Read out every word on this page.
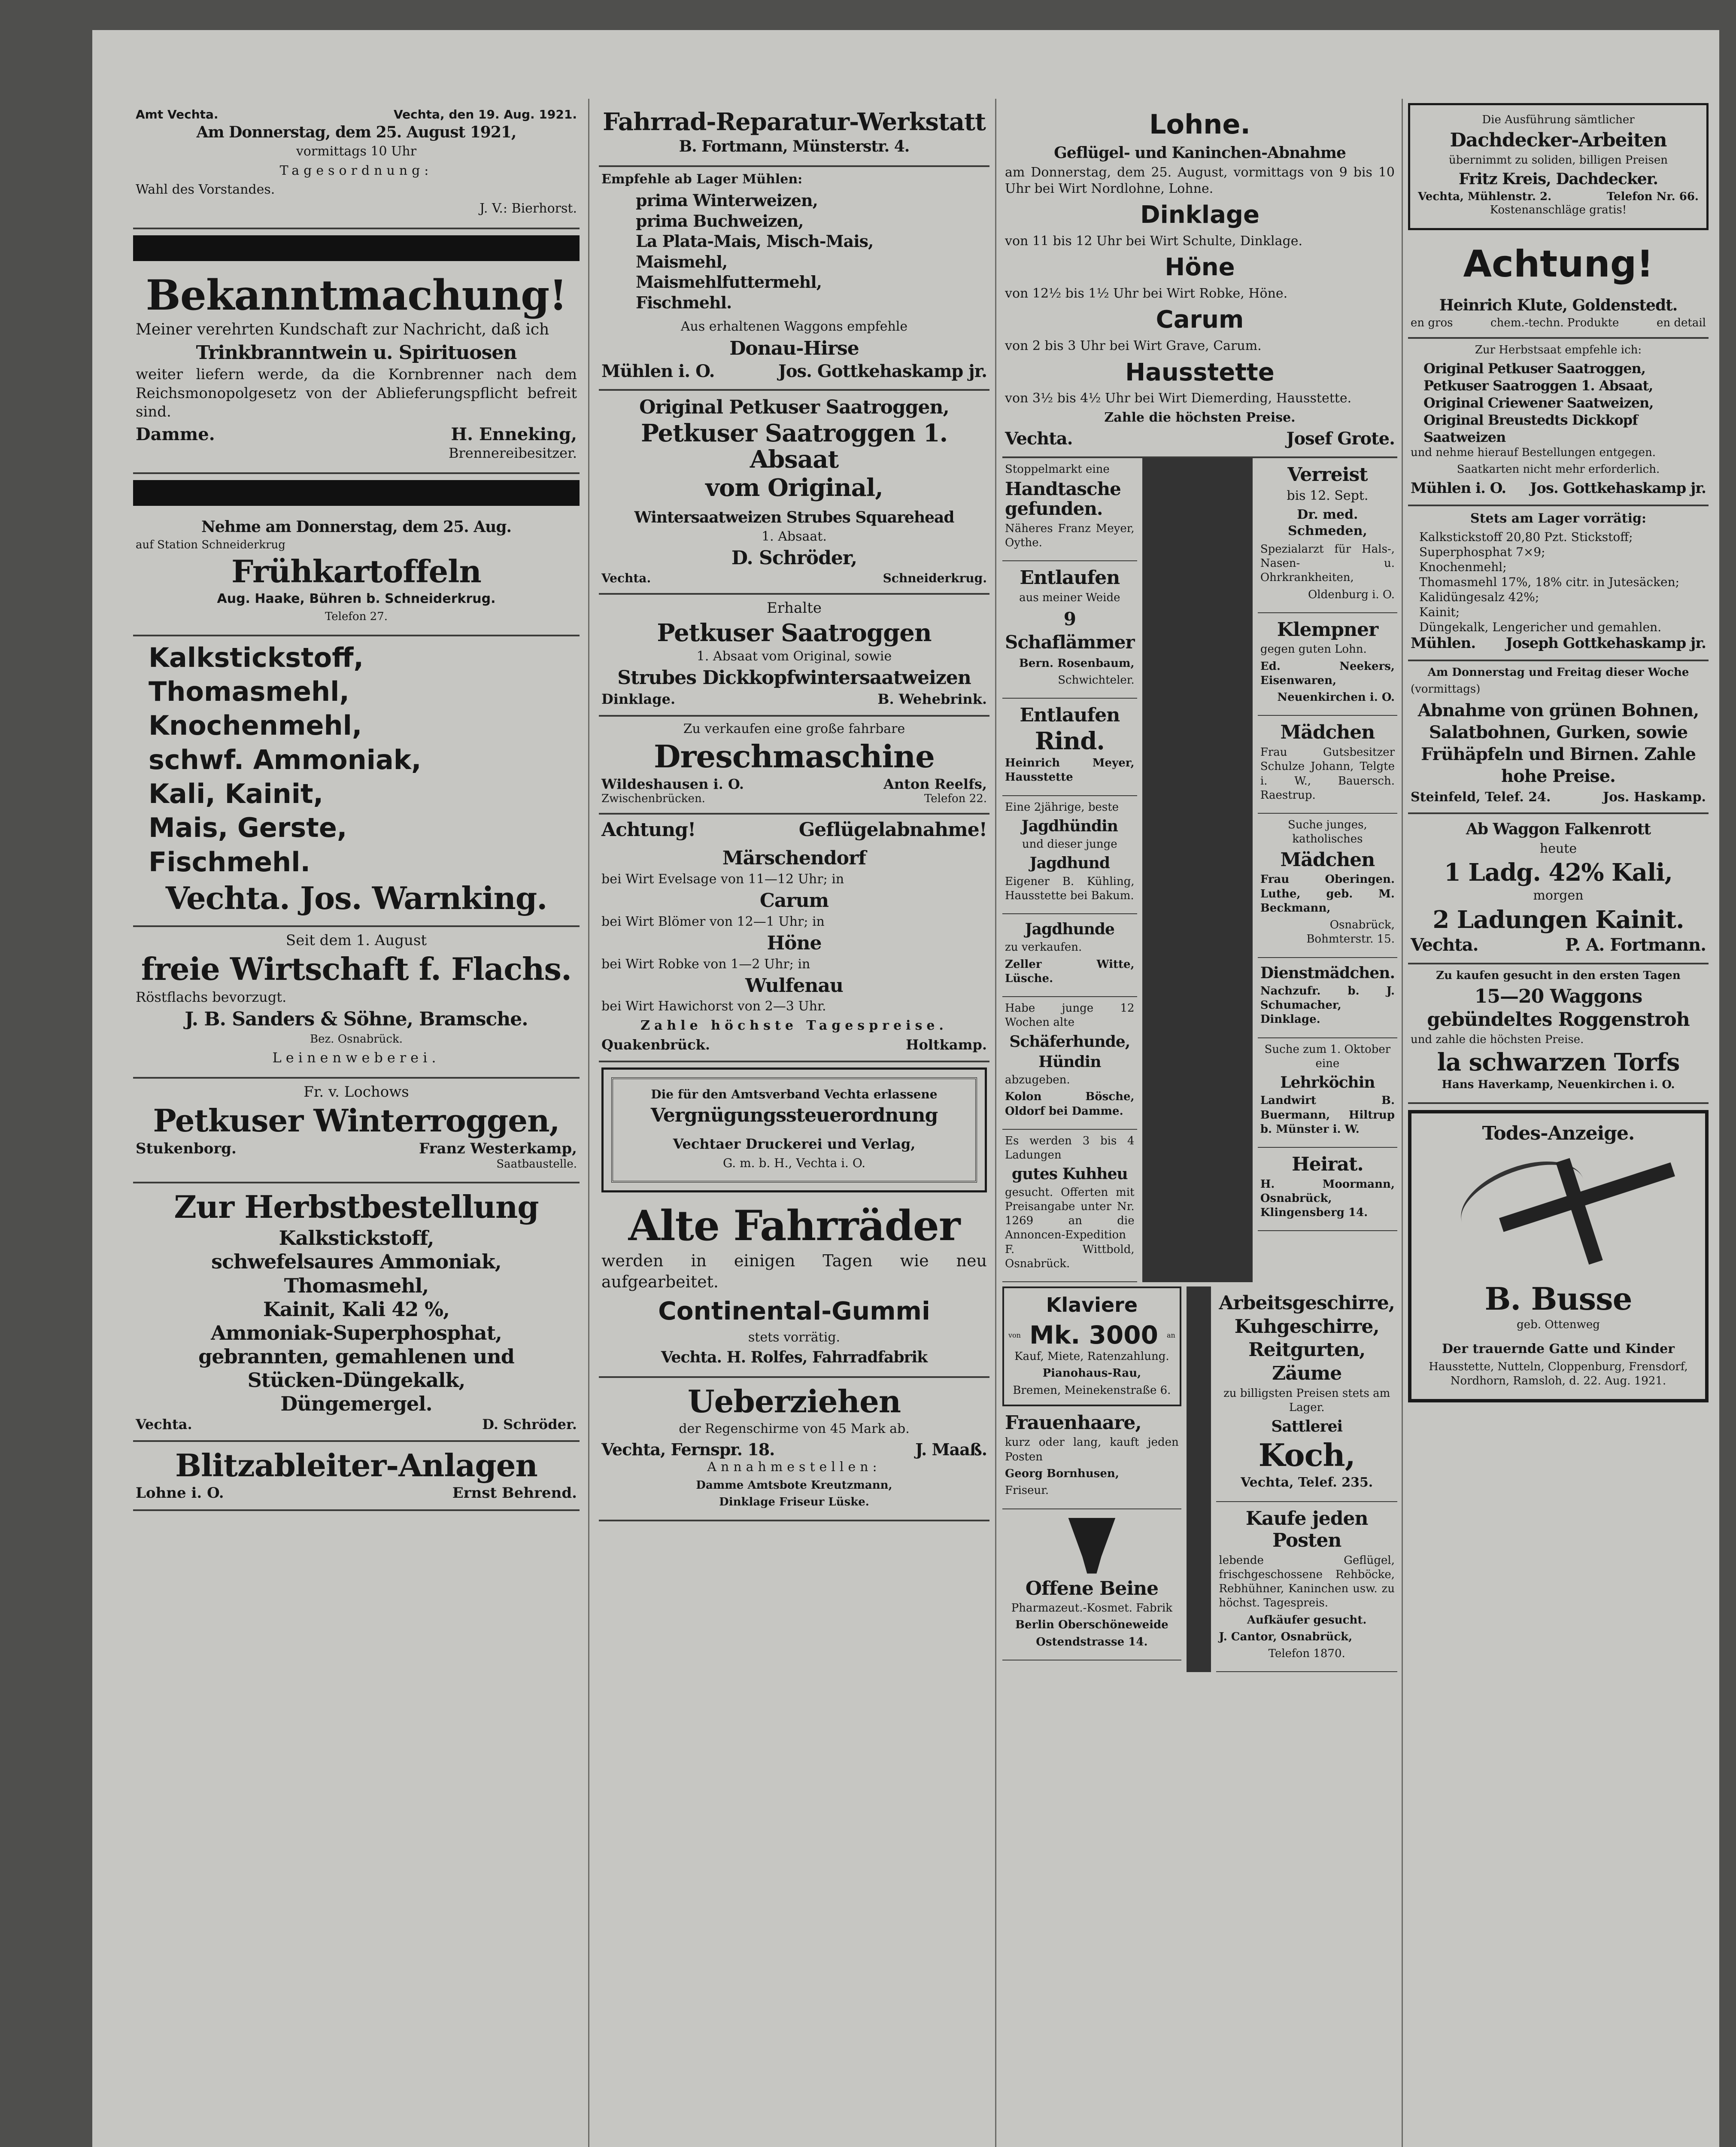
Amt Vechta.	Vechta, den 19. Aug. 1921.

Am Donnerstag, dem 25. August 1921,

vormittags 10 Uhr

Tagesordnung:

Wahl des Vorstandes.

J. V.: Bierhorst.

Bekanntmachung!

Meiner verehrten Kundschaft zur Nachricht, daß ich

Trinkbranntwein u. Spirituosen

weiter liefern werde, da die Kornbrenner nach dem Reichsmonopolgesetz von der Ablieferungspflicht befreit sind.

Damme.	H. Enneking,

Brennereibesitzer.

Nehme am Donnerstag, dem 25. Aug.

auf Station Schneiderkrug

Frühkartoffeln

Aug. Haake, Bühren b. Schneiderkrug.

Telefon 27.

Kalkstickstoff,
Thomasmehl,
Knochenmehl,
schwf. Ammoniak,
Kali, Kainit,
Mais, Gerste,
Fischmehl.

Vechta. Jos. Warnking.

Seit dem 1. August

freie Wirtschaft f. Flachs.

Röstflachs bevorzugt.

J. B. Sanders & Söhne, Bramsche.

Bez. Osnabrück.

Leinenweberei.

Fr. v. Lochows

Petkuser Winterroggen,

Stukenborg.	Franz Westerkamp,

Saatbaustelle.

Zur Herbstbestellung

Kalkstickstoff,
schwefelsaures Ammoniak,
Thomasmehl,
Kainit, Kali 42 %,
Ammoniak-Superphosphat,
gebrannten, gemahlenen und
Stücken-Düngekalk,
Düngemergel.
Vechta.	D. Schröder.

Blitzableiter-Anlagen

Lohne i. O.	Ernst Behrend.

Fahrrad-Reparatur-Werkstatt

B. Fortmann, Münsterstr. 4.

Empfehle ab Lager Mühlen:

prima Winterweizen,
prima Buchweizen,
La Plata-Mais, Misch-Mais,
Maismehl,
Maismehlfuttermehl,
Fischmehl.

Aus erhaltenen Waggons empfehle

Donau-Hirse

Mühlen i. O.	Jos. Gottkehaskamp jr.

Original Petkuser Saatroggen,

Petkuser Saatroggen 1. Absaat

vom Original,

Wintersaatweizen Strubes Squarehead

1. Absaat.

D. Schröder,

Vechta.	Schneiderkrug.

Erhalte

Petkuser Saatroggen

1. Absaat vom Original, sowie

Strubes Dickkopfwintersaatweizen

Dinklage.	B. Wehebrink.

Zu verkaufen eine große fahrbare

Dreschmaschine

Wildeshausen i. O.	Anton Reelfs,
Zwischenbrücken.	Telefon 22.
Achtung!	Geflügelabnahme!

Märschendorf

bei Wirt Evelsage von 11—12 Uhr; in

Carum

bei Wirt Blömer von 12—1 Uhr; in

Höne

bei Wirt Robke von 1—2 Uhr; in

Wulfenau

bei Wirt Hawichorst von 2—3 Uhr.

Zahle höchste Tagespreise.

Quakenbrück.	Holtkamp.

Die für den Amtsverband Vechta erlassene

Vergnügungssteuerordnung

Vechtaer Druckerei und Verlag,

G. m. b. H., Vechta i. O.

Alte Fahrräder

werden in einigen Tagen wie neu aufgearbeitet.

Continental-Gummi

stets vorrätig.

Vechta. H. Rolfes, Fahrradfabrik

Ueberziehen

der Regenschirme von 45 Mark ab.

Vechta, Fernspr. 18.	J. Maaß.

Annahmestellen:

Damme Amtsbote Kreutzmann,

Dinklage Friseur Lüske.

Lohne.

Geflügel- und Kaninchen-Abnahme

am Donnerstag, dem 25. August, vormittags von 9 bis 10 Uhr bei Wirt Nordlohne, Lohne.

Dinklage

von 11 bis 12 Uhr bei Wirt Schulte, Dinklage.

Höne

von 12½ bis 1½ Uhr bei Wirt Robke, Höne.

Carum

von 2 bis 3 Uhr bei Wirt Grave, Carum.

Hausstette

von 3½ bis 4½ Uhr bei Wirt Diemerding, Hausstette.

Zahle die höchsten Preise.

Vechta.	Josef Grote.

Stoppelmarkt eine

Handtasche gefunden.

Näheres Franz Meyer, Oythe.

Entlaufen

aus meiner Weide

9 Schaflämmer

Bern. Rosenbaum,

Schwichteler.

Entlaufen

Rind.

Heinrich Meyer, Hausstette

Eine 2jährige, beste

Jagdhündin

und dieser junge

Jagdhund

Eigener B. Kühling, Hausstette bei Bakum.

Jagdhunde

zu verkaufen.

Zeller Witte, Lüsche.

Habe junge 12 Wochen alte

Schäferhunde,

Hündin

abzugeben.

Kolon Bösche, Oldorf bei Damme.

Es werden 3 bis 4 Ladungen

gutes Kuhheu

gesucht. Offerten mit Preisangabe unter Nr. 1269 an die Annoncen-Expedition F. Wittbold, Osnabrück.

Verreist

bis 12. Sept.

Dr. med. Schmeden,

Spezialarzt für Hals-, Nasen- u. Ohrkrankheiten,

Oldenburg i. O.

Klempner

gegen guten Lohn.

Ed. Neekers, Eisenwaren,

Neuenkirchen i. O.

Mädchen

Frau Gutsbesitzer Schulze Johann, Telgte i. W., Bauersch. Raestrup.

Suche junges, katholisches

Mädchen

Frau Oberingen. Luthe, geb. M. Beckmann,

Osnabrück, Bohmterstr. 15.

Dienstmädchen.

Nachzufr. b. J. Schumacher, Dinklage.

Suche zum 1. Oktober eine

Lehrköchin

Landwirt B. Buermann, Hiltrup b. Münster i. W.

Heirat.

H. Moormann, Osnabrück, Klingensberg 14.

Klaviere

von Mk. 3000 an

Kauf, Miete, Ratenzahlung.

Pianohaus-Rau,

Bremen, Meinekenstraße 6.

Frauenhaare,

kurz oder lang, kauft jeden Posten

Georg Bornhusen,

Friseur.

Offene Beine

Pharmazeut.-Kosmet. Fabrik

Berlin Oberschöneweide

Ostendstrasse 14.

Arbeitsgeschirre,

Kuhgeschirre,

Reitgurten,

Zäume

zu billigsten Preisen stets am Lager.

Sattlerei

Koch,

Vechta, Telef. 235.

Kaufe jeden Posten

lebende Geflügel, frischgeschossene Rehböcke, Rebhühner, Kaninchen usw. zu höchst. Tagespreis.

Aufkäufer gesucht.

J. Cantor, Osnabrück,

Telefon 1870.

Die Ausführung sämtlicher

Dachdecker-Arbeiten

übernimmt zu soliden, billigen Preisen

Fritz Kreis, Dachdecker.

Vechta, Mühlenstr. 2.	Telefon Nr. 66.

Kostenanschläge gratis!

Achtung!

Heinrich Klute, Goldenstedt.

en gros	chem.-techn. Produkte	en detail

Zur Herbstsaat empfehle ich:

Original Petkuser Saatroggen,
Petkuser Saatroggen 1. Absaat,
Original Criewener Saatweizen,
Original Breustedts Dickkopf Saatweizen

und nehme hierauf Bestellungen entgegen.

Saatkarten nicht mehr erforderlich.

Mühlen i. O. Jos. Gottkehaskamp jr.

Stets am Lager vorrätig:

Kalkstickstoff 20,80 Pzt. Stickstoff;
Superphosphat 7×9;
Knochenmehl;
Thomasmehl 17%, 18% citr. in Jutesäcken;
Kalidüngesalz 42%;
Kainit;
Düngekalk, Lengericher und gemahlen.
Mühlen. Joseph Gottkehaskamp jr.

Am Donnerstag und Freitag dieser Woche

(vormittags)

Abnahme von grünen Bohnen, Salatbohnen, Gurken, sowie Frühäpfeln und Birnen. Zahle hohe Preise.

Steinfeld, Telef. 24.	Jos. Haskamp.

Ab Waggon Falkenrott

heute

1 Ladg. 42% Kali,

morgen

2 Ladungen Kainit.

Vechta.	P. A. Fortmann.

Zu kaufen gesucht in den ersten Tagen

15—20 Waggons

gebündeltes Roggenstroh

und zahle die höchsten Preise.

la schwarzen Torfs

Hans Haverkamp, Neuenkirchen i. O.

Todes-Anzeige.

B. Busse

geb. Ottenweg

Der trauernde Gatte und Kinder

Hausstette, Nutteln, Cloppenburg, Frensdorf, Nordhorn, Ramsloh, d. 22. Aug. 1921.
